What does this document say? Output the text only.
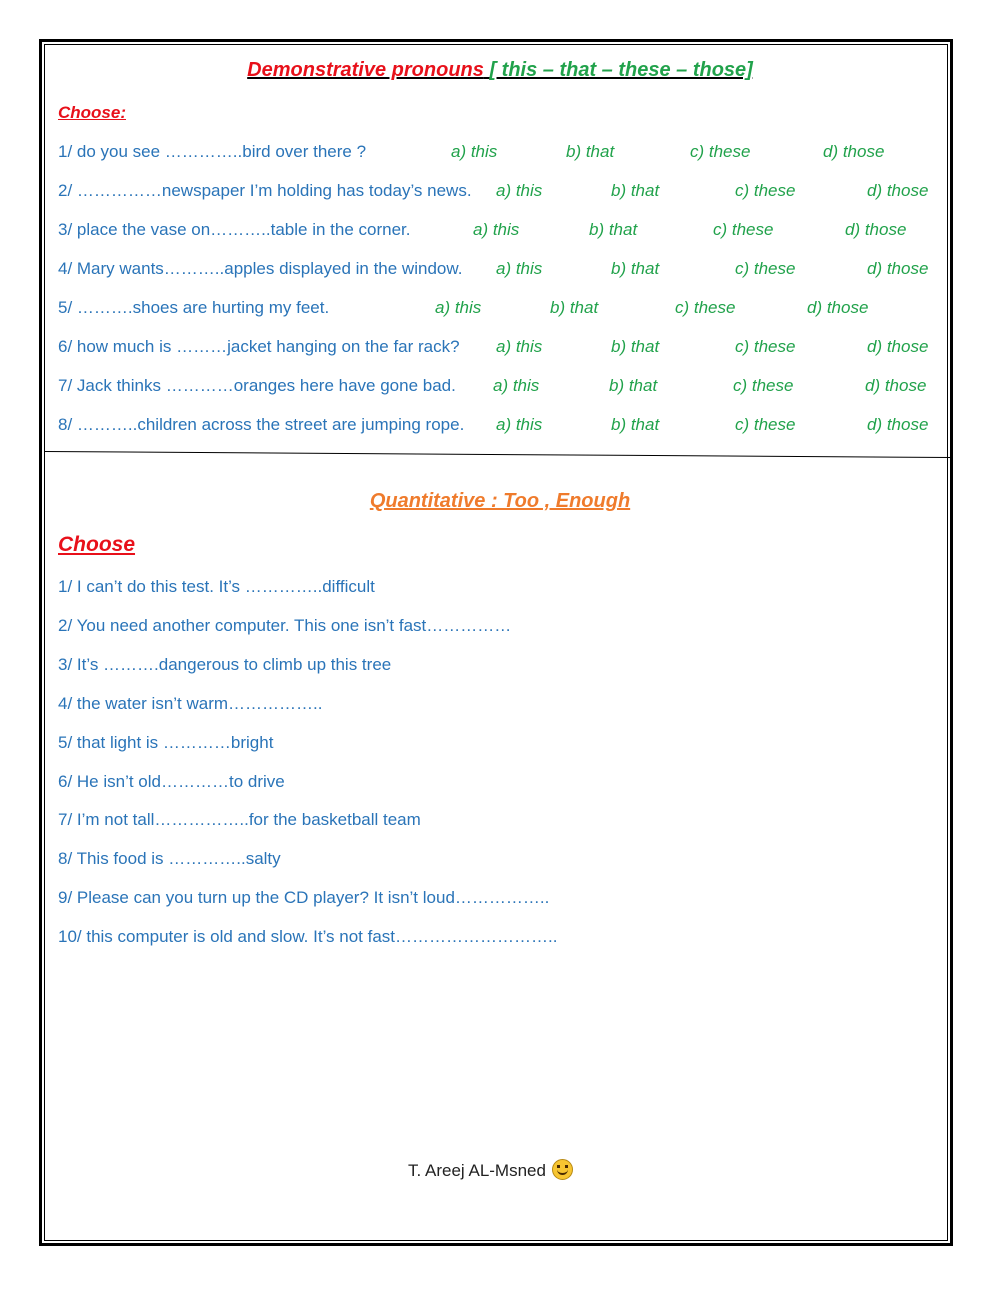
Demonstrative pronouns [ this – that – these – those]
Choose:
1/ do you see …………..bird over there ?	a) this	b) that	c) these	d) those
2/ ……………newspaper I’m holding has today’s news. a) this	b) that	c) these	d) those
3/ place the vase on………..table in the corner.	a) this	b) that	c) these	d) those
4/ Mary wants………..apples displayed in the window. a) this	b) that	c) these	d) those
5/ ……….shoes are hurting my feet.	a) this	b) that	c) these	d) those
6/ how much is ………jacket hanging on the far rack? a) this	b) that	c) these	d) those
7/ Jack thinks …………oranges here have gone bad. a) this	b) that	c) these	d) those
8/ ………..children across the street are jumping rope. a) this	b) that	c) these	d) those
Quantitative : Too , Enough
Choose
1/ I can’t do this test. It’s …………..difficult
2/ You need another computer. This one isn’t fast……………
3/ It’s ……….dangerous to climb up this tree
4/ the water isn’t warm……………..
5/ that light is …………bright
6/ He isn’t old…………to drive
7/ I’m not tall……………..for the basketball team
8/ This food is …………..salty
9/ Please can you turn up the CD player? It isn’t loud……………..
10/ this computer is old and slow. It’s not fast………………………..
T. Areej AL-Msned
